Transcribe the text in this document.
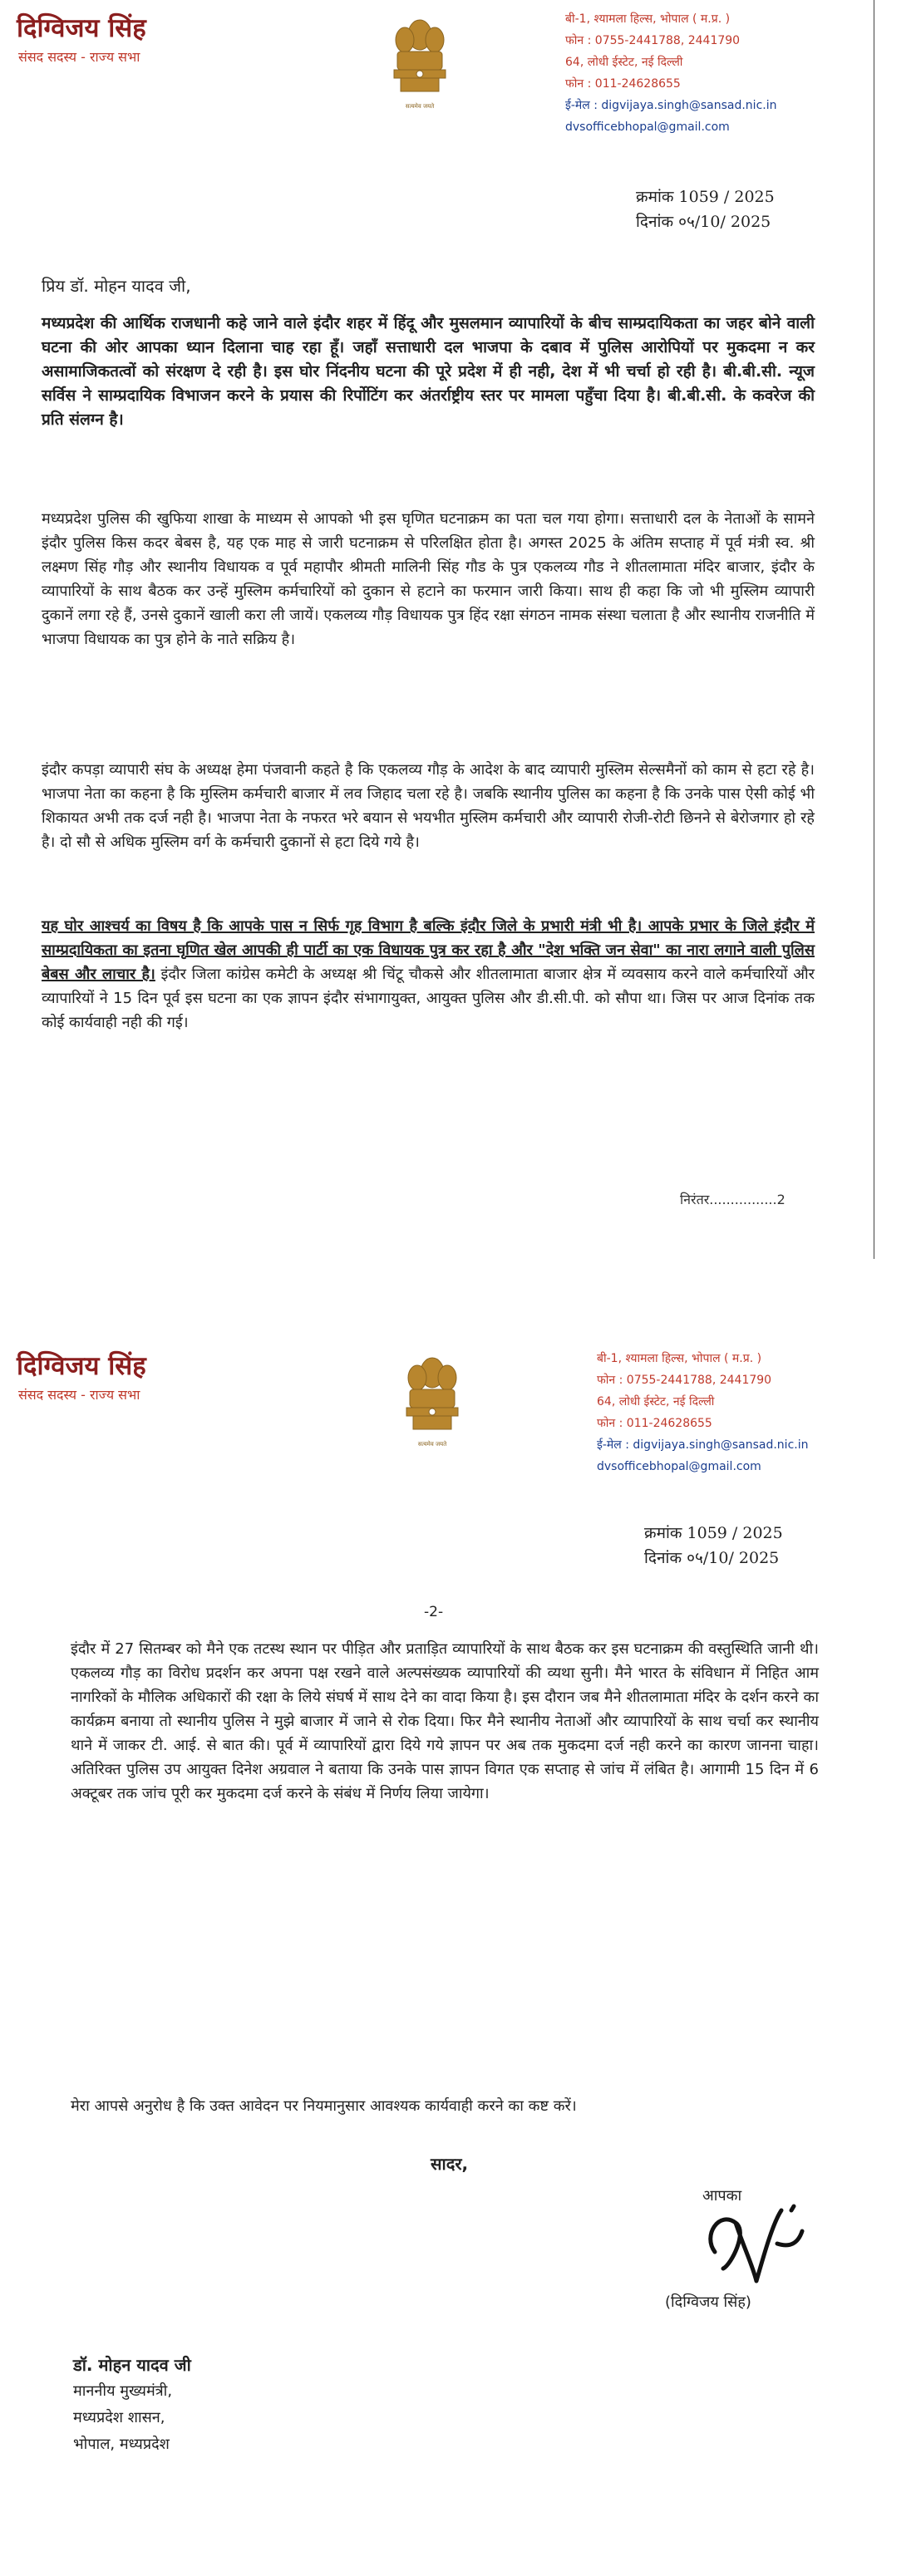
दिग्विजय सिंह
संसद सदस्य - राज्य सभा
सत्यमेव जयते
बी-1, श्यामला हिल्स, भोपाल ( म.प्र. )
फोन : 0755-2441788, 2441790
64, लोधी ईस्टेट, नई दिल्ली
फोन : 011-24628655
ई-मेल : digvijaya.singh@sansad.nic.in
dvsofficebhopal@gmail.com
क्रमांक 1059 / 2025
दिनांक ०५/10/ 2025
प्रिय डॉ. मोहन यादव जी,
मध्यप्रदेश की आर्थिक राजधानी कहे जाने वाले इंदौर शहर में हिंदू और मुसलमान व्यापारियों के बीच साम्प्रदायिकता का जहर बोने वाली घटना की ओर आपका ध्यान दिलाना चाह रहा हूँ। जहाँ सत्ताधारी दल भाजपा के दबाव में पुलिस आरोपियों पर मुकदमा न कर असामाजिकतत्वों को संरक्षण दे रही है। इस घोर निंदनीय घटना की पूरे प्रदेश में ही नही, देश में भी चर्चा हो रही है। बी.बी.सी. न्यूज सर्विस ने साम्प्रदायिक विभाजन करने के प्रयास की रिर्पोटिंग कर अंतर्राष्ट्रीय स्तर पर मामला पहुँचा दिया है। बी.बी.सी. के कवरेज की प्रति संलग्न है।
मध्यप्रदेश पुलिस की खुफिया शाखा के माध्यम से आपको भी इस घृणित घटनाक्रम का पता चल गया होगा। सत्ताधारी दल के नेताओं के सामने इंदौर पुलिस किस कदर बेबस है, यह एक माह से जारी घटनाक्रम से परिलक्षित होता है। अगस्त 2025 के अंतिम सप्ताह में पूर्व मंत्री स्व. श्री लक्ष्मण सिंह गौड़ और स्थानीय विधायक व पूर्व महापौर श्रीमती मालिनी सिंह गौड के पुत्र एकलव्य गौड ने शीतलामाता मंदिर बाजार, इंदौर के व्यापारियों के साथ बैठक कर उन्हें मुस्लिम कर्मचारियों को दुकान से हटाने का फरमान जारी किया। साथ ही कहा कि जो भी मुस्लिम व्यापारी दुकानें लगा रहे हैं, उनसे दुकानें खाली करा ली जायें। एकलव्य गौड़ विधायक पुत्र हिंद रक्षा संगठन नामक संस्था चलाता है और स्थानीय राजनीति में भाजपा विधायक का पुत्र होने के नाते सक्रिय है।
इंदौर कपड़ा व्यापारी संघ के अध्यक्ष हेमा पंजवानी कहते है कि एकलव्य गौड़ के आदेश के बाद व्यापारी मुस्लिम सेल्समैनों को काम से हटा रहे है। भाजपा नेता का कहना है कि मुस्लिम कर्मचारी बाजार में लव जिहाद चला रहे है। जबकि स्थानीय पुलिस का कहना है कि उनके पास ऐसी कोई भी शिकायत अभी तक दर्ज नही है। भाजपा नेता के नफरत भरे बयान से भयभीत मुस्लिम कर्मचारी और व्यापारी रोजी-रोटी छिनने से बेरोजगार हो रहे है। दो सौ से अधिक मुस्लिम वर्ग के कर्मचारी दुकानों से हटा दिये गये है।
यह घोर आश्चर्य का विषय है कि आपके पास न सिर्फ गृह विभाग है बल्कि इंदौर जिले के प्रभारी मंत्री भी है। आपके प्रभार के जिले इंदौर में साम्प्रदायिकता का इतना घृणित खेल आपकी ही पार्टी का एक विधायक पुत्र कर रहा है और "देश भक्ति जन सेवा" का नारा लगाने वाली पुलिस बेबस और लाचार है। इंदौर जिला कांग्रेस कमेटी के अध्यक्ष श्री चिंटू चौकसे और शीतलामाता बाजार क्षेत्र में व्यवसाय करने वाले कर्मचारियों और व्यापारियों ने 15 दिन पूर्व इस घटना का एक ज्ञापन इंदौर संभागायुक्त, आयुक्त पुलिस और डी.सी.पी. को सौपा था। जिस पर आज दिनांक तक कोई कार्यवाही नही की गई।
निरंतर................2
दिग्विजय सिंह
संसद सदस्य - राज्य सभा
सत्यमेव जयते
बी-1, श्यामला हिल्स, भोपाल ( म.प्र. )
फोन : 0755-2441788, 2441790
64, लोधी ईस्टेट, नई दिल्ली
फोन : 011-24628655
ई-मेल : digvijaya.singh@sansad.nic.in
dvsofficebhopal@gmail.com
क्रमांक 1059 / 2025
दिनांक ०५/10/ 2025
-2-
इंदौर में 27 सितम्बर को मैने एक तटस्थ स्थान पर पीड़ित और प्रताड़ित व्यापारियों के साथ बैठक कर इस घटनाक्रम की वस्तुस्थिति जानी थी। एकलव्य गौड़ का विरोध प्रदर्शन कर अपना पक्ष रखने वाले अल्पसंख्यक व्यापारियों की व्यथा सुनी। मैने भारत के संविधान में निहित आम नागरिकों के मौलिक अधिकारों की रक्षा के लिये संघर्ष में साथ देने का वादा किया है। इस दौरान जब मैने शीतलामाता मंदिर के दर्शन करने का कार्यक्रम बनाया तो स्थानीय पुलिस ने मुझे बाजार में जाने से रोक दिया। फिर मैने स्थानीय नेताओं और व्यापारियों के साथ चर्चा कर स्थानीय थाने में जाकर टी. आई. से बात की। पूर्व में व्यापारियों द्वारा दिये गये ज्ञापन पर अब तक मुकदमा दर्ज नही करने का कारण जानना चाहा। अतिरिक्त पुलिस उप आयुक्त दिनेश अग्रवाल ने बताया कि उनके पास ज्ञापन विगत एक सप्ताह से जांच में लंबित है। आगामी 15 दिन में 6 अक्टूबर तक जांच पूरी कर मुकदमा दर्ज करने के संबंध में निर्णय लिया जायेगा।
मेरा आपसे अनुरोध है कि उक्त आवेदन पर नियमानुसार आवश्यक कार्यवाही करने का कष्ट करें।
सादर,
आपका
(दिग्विजय सिंह)
डॉ. मोहन यादव जी
माननीय मुख्यमंत्री,
मध्यप्रदेश शासन,
भोपाल, मध्यप्रदेश
